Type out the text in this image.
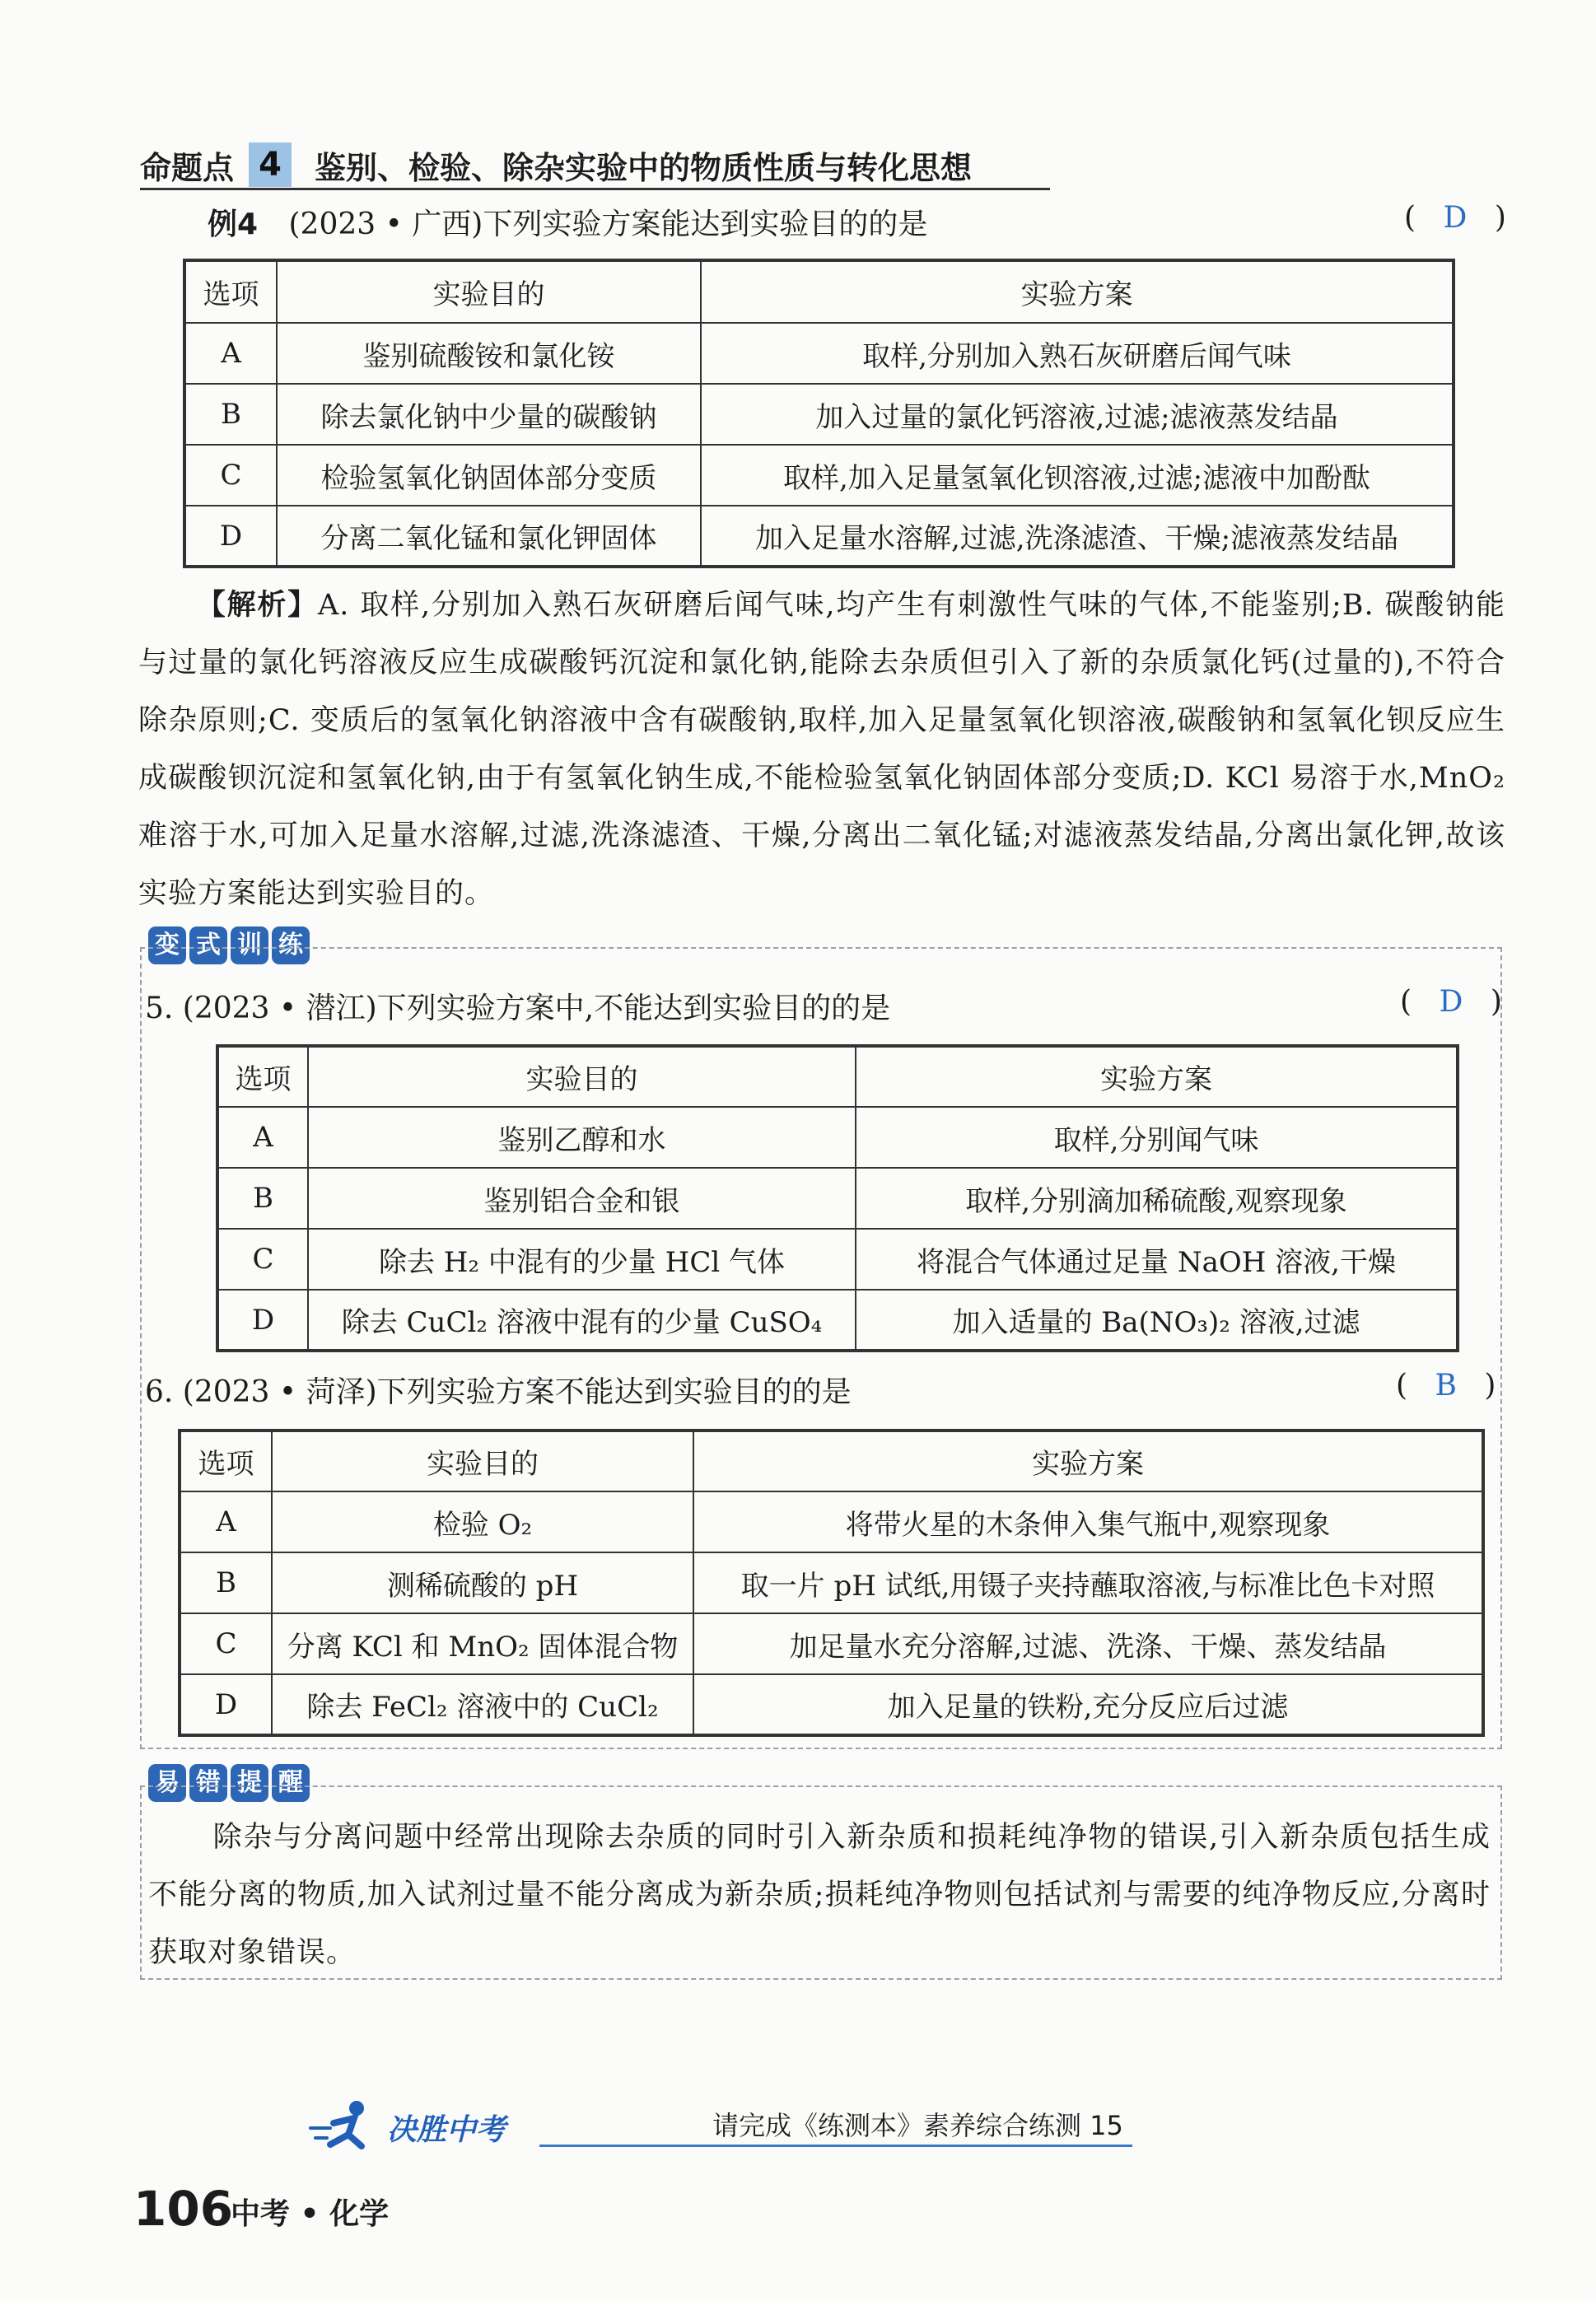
命题点 4	鉴别、检验、除杂实验中的物质性质与转化思想
例4 (2023 • 广西)下列实验方案能达到实验目的的是	( D )
选项	实验目的	实验方案
A	鉴别硫酸铵和氯化铵	取样,分别加入熟石灰研磨后闻气味
B	除去氯化钠中少量的碳酸钠	加入过量的氯化钙溶液,过滤;滤液蒸发结晶
C	检验氢氧化钠固体部分变质	取样,加入足量氢氧化钡溶液,过滤;滤液中加酚酞
D	分离二氧化锰和氯化钾固体	加入足量水溶解,过滤,洗涤滤渣、干燥;滤液蒸发结晶
【解析】A. 取样,分别加入熟石灰研磨后闻气味,均产生有刺激性气味的气体,不能鉴别;B. 碳酸钠能与过量的氯化钙溶液反应生成碳酸钙沉淀和氯化钠,能除去杂质但引入了新的杂质氯化钙(过量的),不符合除杂原则;C. 变质后的氢氧化钠溶液中含有碳酸钠,取样,加入足量氢氧化钡溶液,碳酸钠和氢氧化钡反应生成碳酸钡沉淀和氢氧化钠,由于有氢氧化钠生成,不能检验氢氧化钠固体部分变质;D. KCl 易溶于水,MnO₂ 难溶于水,可加入足量水溶解,过滤,洗涤滤渣、干燥,分离出二氧化锰;对滤液蒸发结晶,分离出氯化钾,故该实验方案能达到实验目的。
变 式 训 练
5. (2023 • 潜江)下列实验方案中,不能达到实验目的的是	( D )
选项	实验目的	实验方案
A	鉴别乙醇和水	取样,分别闻气味
B	鉴别铝合金和银	取样,分别滴加稀硫酸,观察现象
C	除去 H₂ 中混有的少量 HCl 气体	将混合气体通过足量 NaOH 溶液,干燥
D	除去 CuCl₂ 溶液中混有的少量 CuSO₄	加入适量的 Ba(NO₃)₂ 溶液,过滤
6. (2023 • 菏泽)下列实验方案不能达到实验目的的是	( B )
选项	实验目的	实验方案
A	检验 O₂	将带火星的木条伸入集气瓶中,观察现象
B	测稀硫酸的 pH	取一片 pH 试纸,用镊子夹持蘸取溶液,与标准比色卡对照
C	分离 KCl 和 MnO₂ 固体混合物	加足量水充分溶解,过滤、洗涤、干燥、蒸发结晶
D	除去 FeCl₂ 溶液中的 CuCl₂	加入足量的铁粉,充分反应后过滤
易 错 提 醒
除杂与分离问题中经常出现除去杂质的同时引入新杂质和损耗纯净物的错误,引入新杂质包括生成不能分离的物质,加入试剂过量不能分离成为新杂质;损耗纯净物则包括试剂与需要的纯净物反应,分离时获取对象错误。
决胜中考	请完成《练测本》素养综合练测 15
106
中考 • 化学
